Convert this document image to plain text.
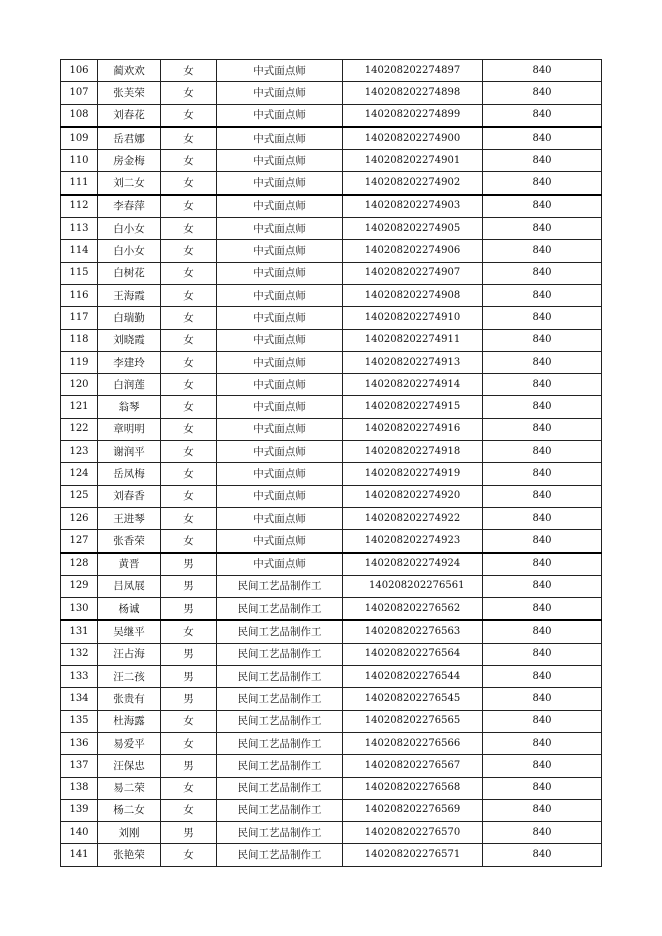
106	蔺欢欢	女	中式面点师	140208202274897	840
107	张芙荣	女	中式面点师	140208202274898	840
108	刘春花	女	中式面点师	140208202274899	840
109	岳君娜	女	中式面点师	140208202274900	840
110	房金梅	女	中式面点师	140208202274901	840
111	刘二女	女	中式面点师	140208202274902	840
112	李春萍	女	中式面点师	140208202274903	840
113	白小女	女	中式面点师	140208202274905	840
114	白小女	女	中式面点师	140208202274906	840
115	白树花	女	中式面点师	140208202274907	840
116	王海霞	女	中式面点师	140208202274908	840
117	白瑞勤	女	中式面点师	140208202274910	840
118	刘晓霞	女	中式面点师	140208202274911	840
119	李建玲	女	中式面点师	140208202274913	840
120	白润莲	女	中式面点师	140208202274914	840
121	翁琴	女	中式面点师	140208202274915	840
122	章明明	女	中式面点师	140208202274916	840
123	谢润平	女	中式面点师	140208202274918	840
124	岳凤梅	女	中式面点师	140208202274919	840
125	刘春香	女	中式面点师	140208202274920	840
126	王进琴	女	中式面点师	140208202274922	840
127	张香荣	女	中式面点师	140208202274923	840
128	黄晋	男	中式面点师	140208202274924	840
129	吕凤展	男	民间工艺品制作工	140208202276561	840
130	杨诚	男	民间工艺品制作工	140208202276562	840
131	吴继平	女	民间工艺品制作工	140208202276563	840
132	汪占海	男	民间工艺品制作工	140208202276564	840
133	汪二孩	男	民间工艺品制作工	140208202276544	840
134	张贵有	男	民间工艺品制作工	140208202276545	840
135	杜海露	女	民间工艺品制作工	140208202276565	840
136	易爱平	女	民间工艺品制作工	140208202276566	840
137	汪保忠	男	民间工艺品制作工	140208202276567	840
138	易二荣	女	民间工艺品制作工	140208202276568	840
139	杨二女	女	民间工艺品制作工	140208202276569	840
140	刘刚	男	民间工艺品制作工	140208202276570	840
141	张艳荣	女	民间工艺品制作工	140208202276571	840
